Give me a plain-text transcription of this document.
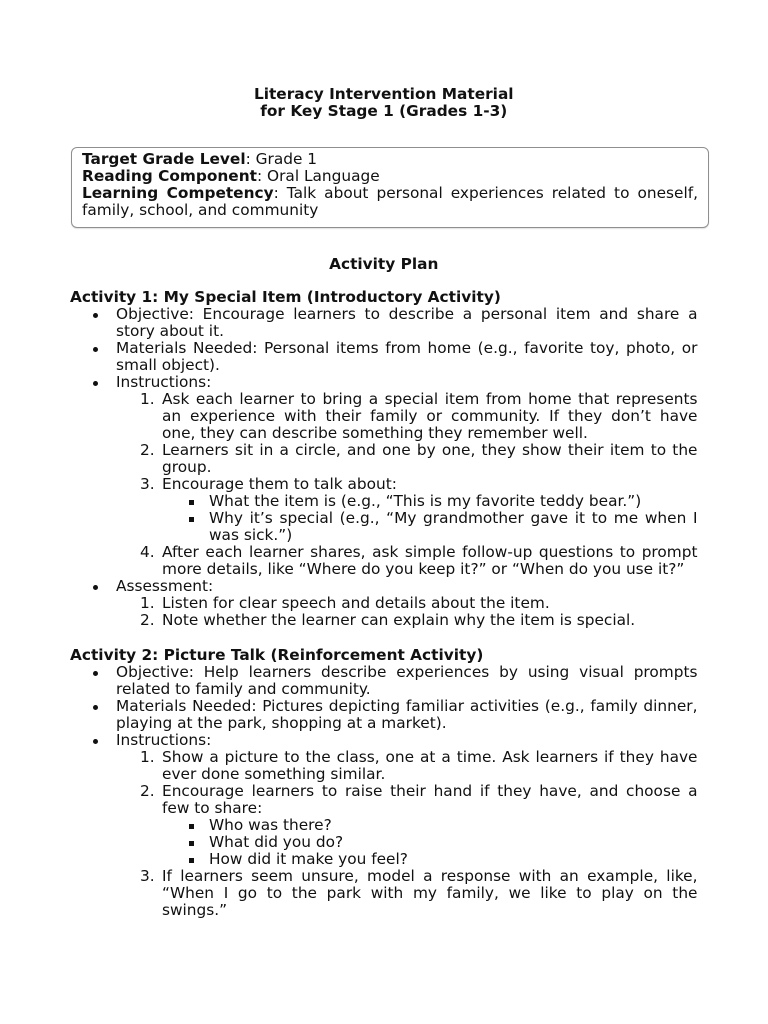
Literacy Intervention Material
for Key Stage 1 (Grades 1-3)
Target Grade Level: Grade 1
Reading Component: Oral Language
Learning Competency: Talk about personal experiences related to oneself,
family, school, and community
Activity Plan
Activity 1: My Special Item (Introductory Activity)
Objective: Encourage learners to describe a personal item and share a
story about it.
Materials Needed: Personal items from home (e.g., favorite toy, photo, or
small object).
Instructions:
1. Ask each learner to bring a special item from home that represents
an experience with their family or community. If they don’t have
one, they can describe something they remember well.
2. Learners sit in a circle, and one by one, they show their item to the
group.
3. Encourage them to talk about:
What the item is (e.g., “This is my favorite teddy bear.”)
Why it’s special (e.g., “My grandmother gave it to me when I
was sick.”)
4. After each learner shares, ask simple follow-up questions to prompt
more details, like “Where do you keep it?” or “When do you use it?”
Assessment:
1. Listen for clear speech and details about the item.
2. Note whether the learner can explain why the item is special.
Activity 2: Picture Talk (Reinforcement Activity)
Objective: Help learners describe experiences by using visual prompts
related to family and community.
Materials Needed: Pictures depicting familiar activities (e.g., family dinner,
playing at the park, shopping at a market).
Instructions:
1. Show a picture to the class, one at a time. Ask learners if they have
ever done something similar.
2. Encourage learners to raise their hand if they have, and choose a
few to share:
Who was there?
What did you do?
How did it make you feel?
3. If learners seem unsure, model a response with an example, like,
“When I go to the park with my family, we like to play on the
swings.”
